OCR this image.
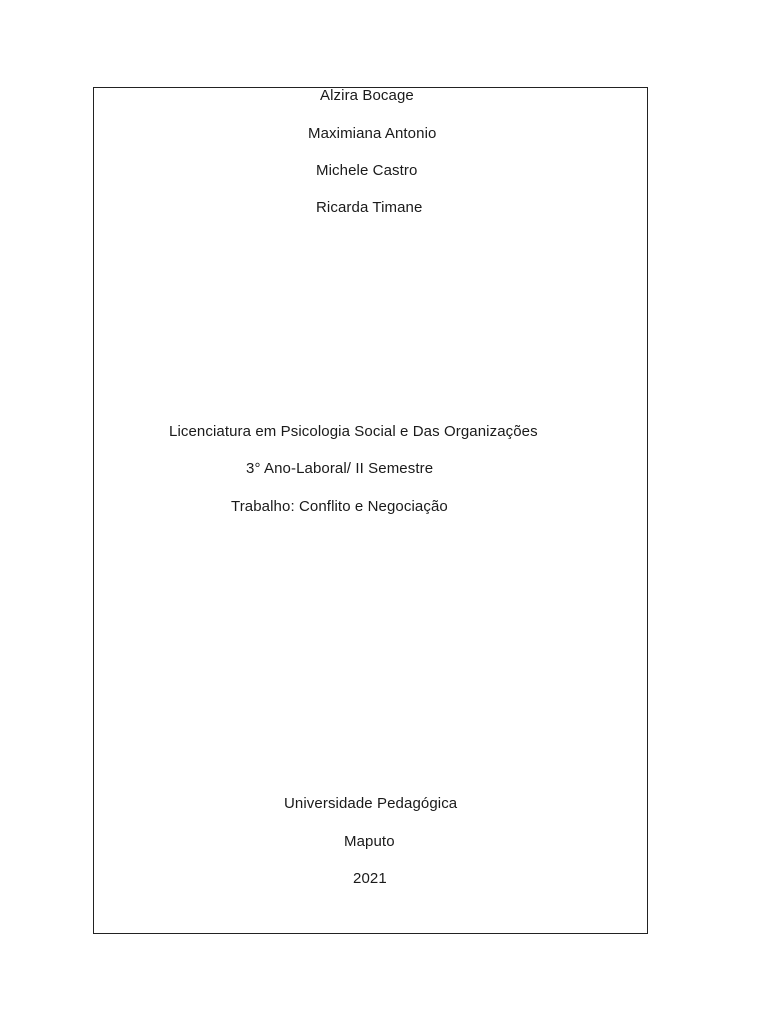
Alzira Bocage
Maximiana Antonio
Michele Castro
Ricarda Timane
Licenciatura em Psicologia Social e Das Organizações
3° Ano-Laboral/ II Semestre
Trabalho: Conflito e Negociação
Universidade Pedagógica
Maputo
2021
